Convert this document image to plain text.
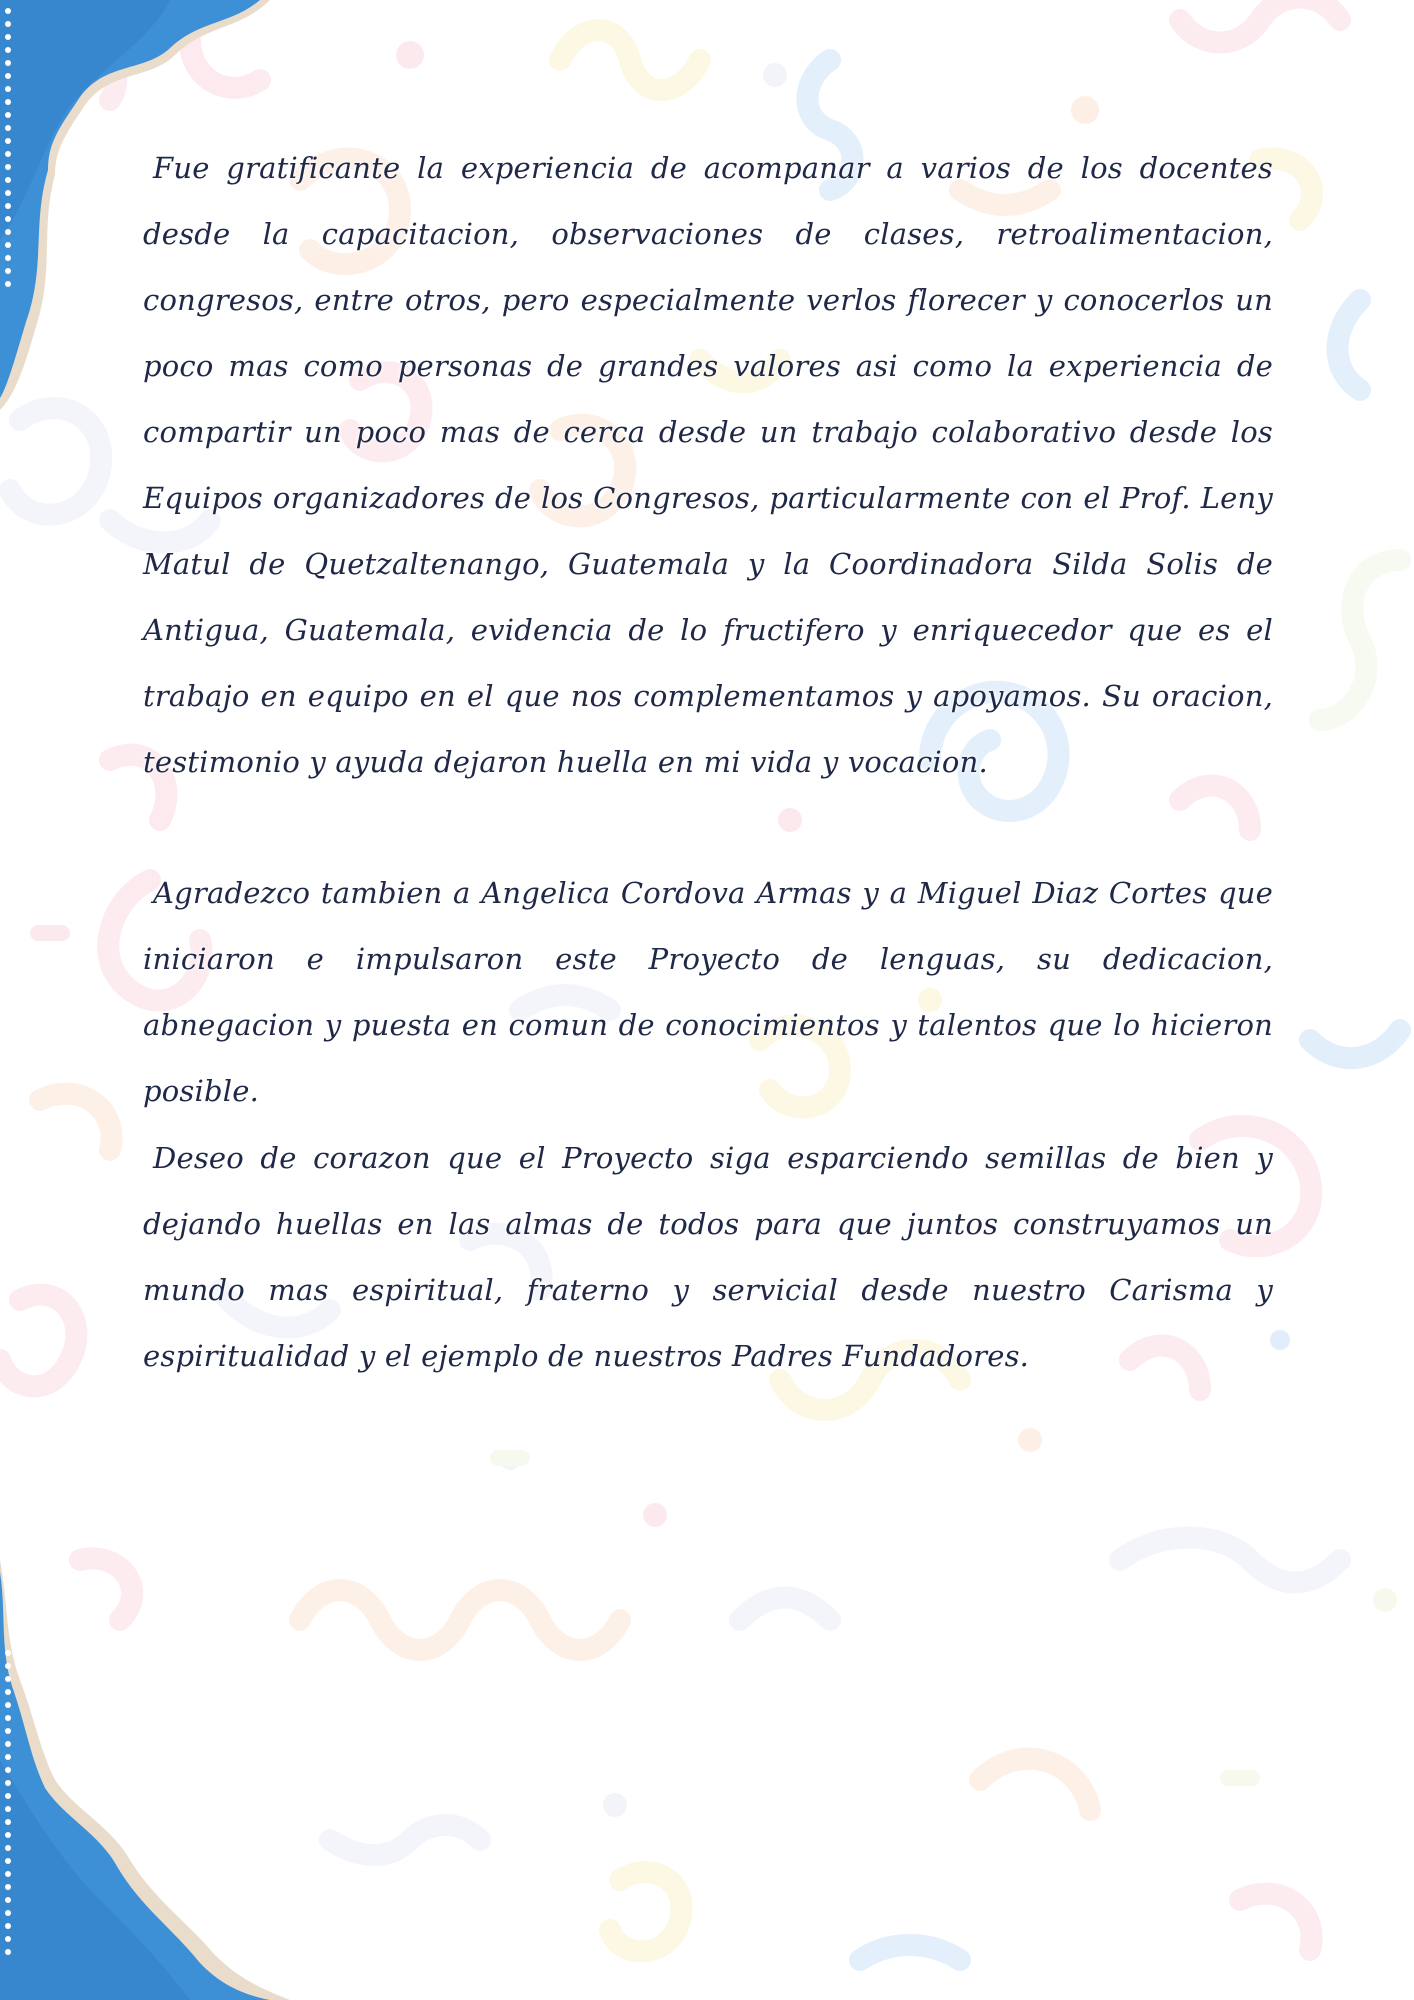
Fue gratificante la experiencia de acompanar a varios de los docentes desde la capacitacion, observaciones de clases, retroalimentacion, congresos, entre otros, pero especialmente verlos florecer y conocerlos un poco mas como personas de grandes valores asi como la experiencia de compartir un poco mas de cerca desde un trabajo colaborativo desde los Equipos organizadores de los Congresos, particularmente con el Prof. Leny Matul de Quetzaltenango, Guatemala y la Coordinadora Silda Solis de Antigua, Guatemala, evidencia de lo fructifero y enriquecedor que es el trabajo en equipo en el que nos complementamos y apoyamos. Su oracion, testimonio y ayuda dejaron huella en mi vida y vocacion.

Agradezco tambien a Angelica Cordova Armas y a Miguel Diaz Cortes que iniciaron e impulsaron este Proyecto de lenguas, su dedicacion, abnegacion y puesta en comun de conocimientos y talentos que lo hicieron posible.

Deseo de corazon que el Proyecto siga esparciendo semillas de bien y dejando huellas en las almas de todos para que juntos construyamos un mundo mas espiritual, fraterno y servicial desde nuestro Carisma y espiritualidad y el ejemplo de nuestros Padres Fundadores.
